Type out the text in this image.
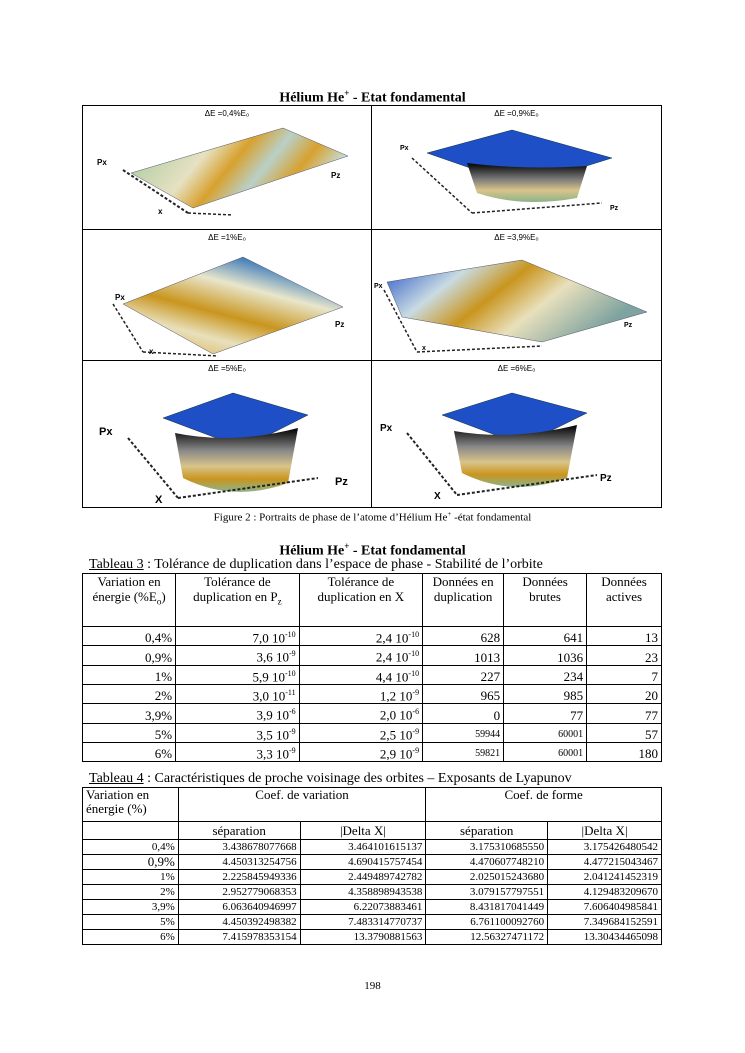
Hélium He+ - Etat fondamental
ΔE =0,4%E₀
Px
Pz
x
ΔE =0,9%E₀
Px
Pz
ΔE =1%E₀
Px
Pz
x
ΔE =3,9%E₀
Px
Pz
x
ΔE =5%E₀
Px
Pz
X
ΔE =6%E₀
Px
Pz
X
Figure 2 : Portraits de phase de l’atome d’Hélium He+ -état fondamental
Hélium He+ - Etat fondamental
Tableau 3 : Tolérance de duplication dans l’espace de phase - Stabilité de l’orbite
Variation en énergie $(\%E_o)$	Tolérance de duplication en $P_z$	Tolérance de duplication en X	Données en duplication	Données brutes	Données actives
0,4%	7,0 $10^{-10}$	2,4 $10^{-10}$	628	641	13
0,9%	3,6 $10^{-9}$	2,4 $10^{-10}$	1013	1036	23
1%	5,9 $10^{-10}$	4,4 $10^{-10}$	227	234	7
2%	3,0 $10^{-11}$	1,2 $10^{-9}$	965	985	20
3,9%	3,9 $10^{-6}$	2,0 $10^{-6}$	0	77	77
5%	3,5 $10^{-9}$	2,5 $10^{-9}$	59944	60001	57
6%	3,3 $10^{-9}$	2,9 $10^{-9}$	59821	60001	180
Tableau 4 : Caractéristiques de proche voisinage des orbites – Exposants de Lyapunov
Variation en énergie (%)	Coef. de variation		Coef. de forme	
	séparation	|Delta X|	séparation	|Delta X|
0,4%	3.438678077668	3.464101615137	3.175310685550	3.175426480542
0,9%	4.450313254756	4.690415757454	4.470607748210	4.477215043467
1%	2.225845949336	2.449489742782	2.025015243680	2.041241452319
2%	2.952779068353	4.358898943538	3.079157797551	4.129483209670
3,9%	6.063640946997	6.22073883461	8.431817041449	7.606404985841
5%	4.450392498382	7.483314770737	6.761100092760	7.349684152591
6%	7.415978353154	13.3790881563	12.56327471172	13.30434465098
198
